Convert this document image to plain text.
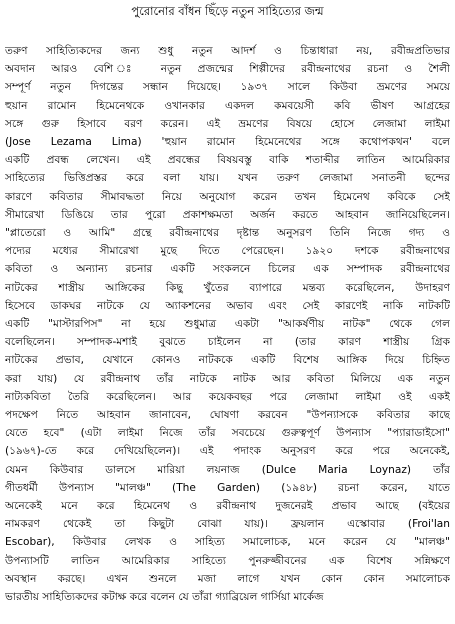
পুরোনোর বাঁধন ছিঁড়ে নতুন সাহিত্যের জন্ম
তরুণ সাহিত্যিকদের জন্য শুধু নতুন আদর্শ ও চিন্তাধারা নয়, রবীন্দ্রপ্রতিভার
অবদান আরও বেশি ঃ নতুন প্রজন্মের শিল্পীদের রবীন্দ্রনাথের রচনা ও শৈলী
সম্পূর্ণ নতুন দিগন্তের সন্ধান দিয়েছে। ১৯৩৭ সালে কিউবা ভ্রমণের সময়ে
হুয়ান রামোন হিমেনেথকে ওখানকার একদল কমবয়েসী কবি ভীষণ আগ্রহের
সঙ্গে গুরু হিসাবে বরণ করেন। এই ভ্রমণের বিষয়ে হোসে লেজামা লাইমা
(Jose Lezama Lima) 'হুয়ান রামোন হিমেনেথের সঙ্গে কথোপকথন' বলে
একটি প্রবন্ধ লেখেন। এই প্রবন্ধের বিষয়বস্তু বাকি শতাব্দীর লাতিন আমেরিকার
সাহিত্যের ভিত্তিপ্রস্তর করে বলা যায়। যখন তরুণ লেজামা সনাতনী ছন্দের
কারণে কবিতার সীমাবদ্ধতা নিয়ে অনুযোগ করেন তখন হিমেনেথ কবিকে সেই
সীমারেখা ডিঙিয়ে তার পুরো প্রকাশক্ষমতা অর্জন করতে আহবান জানিয়েছিলেন।
"প্লাতেরো ও আমি" গ্রন্থে রবীন্দ্রনাথের দৃষ্টান্ত অনুসরণ তিনি নিজে গদ্য ও
পদ্যের মধ্যের সীমারেখা মুছে দিতে পেরেছেন। ১৯২০ দশকে রবীন্দ্রনাথের
কবিতা ও অন্যান্য রচনার একটি সংকলনে চিলের এক সম্পাদক রবীন্দ্রনাথের
নাটকের শাস্ত্রীয় আঙ্গিকের কিছু খুঁতের ব্যাপারে মন্তব্য করেছিলেন, উদাহরণ
হিসেবে ডাকঘর নাটকে যে অ্যাকশনের অভাব এবং সেই কারণেই নাকি নাটকটি
একটি "মাস্টারপিস" না হয়ে শুধুমাত্র একটা "আকর্ষণীয় নাটক" থেকে গেল
বলেছিলেন। সম্পাদক-মশাই বুঝতে চাইলেন না (তার কারণ শাস্ত্রীয় গ্রিক
নাটকের প্রভাব, যেখানে কোনও নাটককে একটি বিশেষ আঙ্গিক দিয়ে চিহ্নিত
করা যায়) যে রবীন্দ্রনাথ তাঁর নাটকে নাটক আর কবিতা মিলিয়ে এক নতুন
নাট্যকবিতা তৈরি করেছিলেন। আর কয়েকবছর পরে লেজামা লাইমা ওই একই
পদক্ষেপ নিতে আহবান জানাবেন, ঘোষণা করবেন "উপন্যাসকে কবিতার কাছে
যেতে হবে" (এটা লাইমা নিজে তাঁর সবচেয়ে গুরুত্বপূর্ণ উপন্যাস "প্যারাডাইসো"
(১৯৬৭)-তে করে দেখিয়েছিলেন)। এই পদাংক অনুসরণ করে পরে অনেকেই,
যেমন কিউবার ডালসে মারিয়া লয়নাজ (Dulce Maria Loynaz) তাঁর
গীতধর্মী উপন্যাস "মালঞ্চ" (The Garden) (১৯৪৮) রচনা করেন, যাতে
অনেকেই মনে করে হিমেনেথ ও রবীন্দ্রনাথ দুজনেরই প্রভাব আছে (বইয়ের
নামকরণ থেকেই তা কিছুটা বোঝা যায়)। ফ্রয়লান এস্কোবার (Froi'lan
Escobar), কিউবার লেখক ও সাহিত্য সমালোচক, মনে করেন যে "মালঞ্চ"
উপন্যাসটি লাতিন আমেরিকার সাহিত্যে পুনরুজ্জীবনের এক বিশেষ সন্নিক্ষণে
অবস্থান করছে। এখন শুনলে মজা লাগে যখন কোন কোন সমালোচক
ভারতীয় সাহিত্যিকদের কটাক্ষ করে বলেন যে তাঁরা গ্যাব্রিয়েল গার্সিয়া মার্কেজ
